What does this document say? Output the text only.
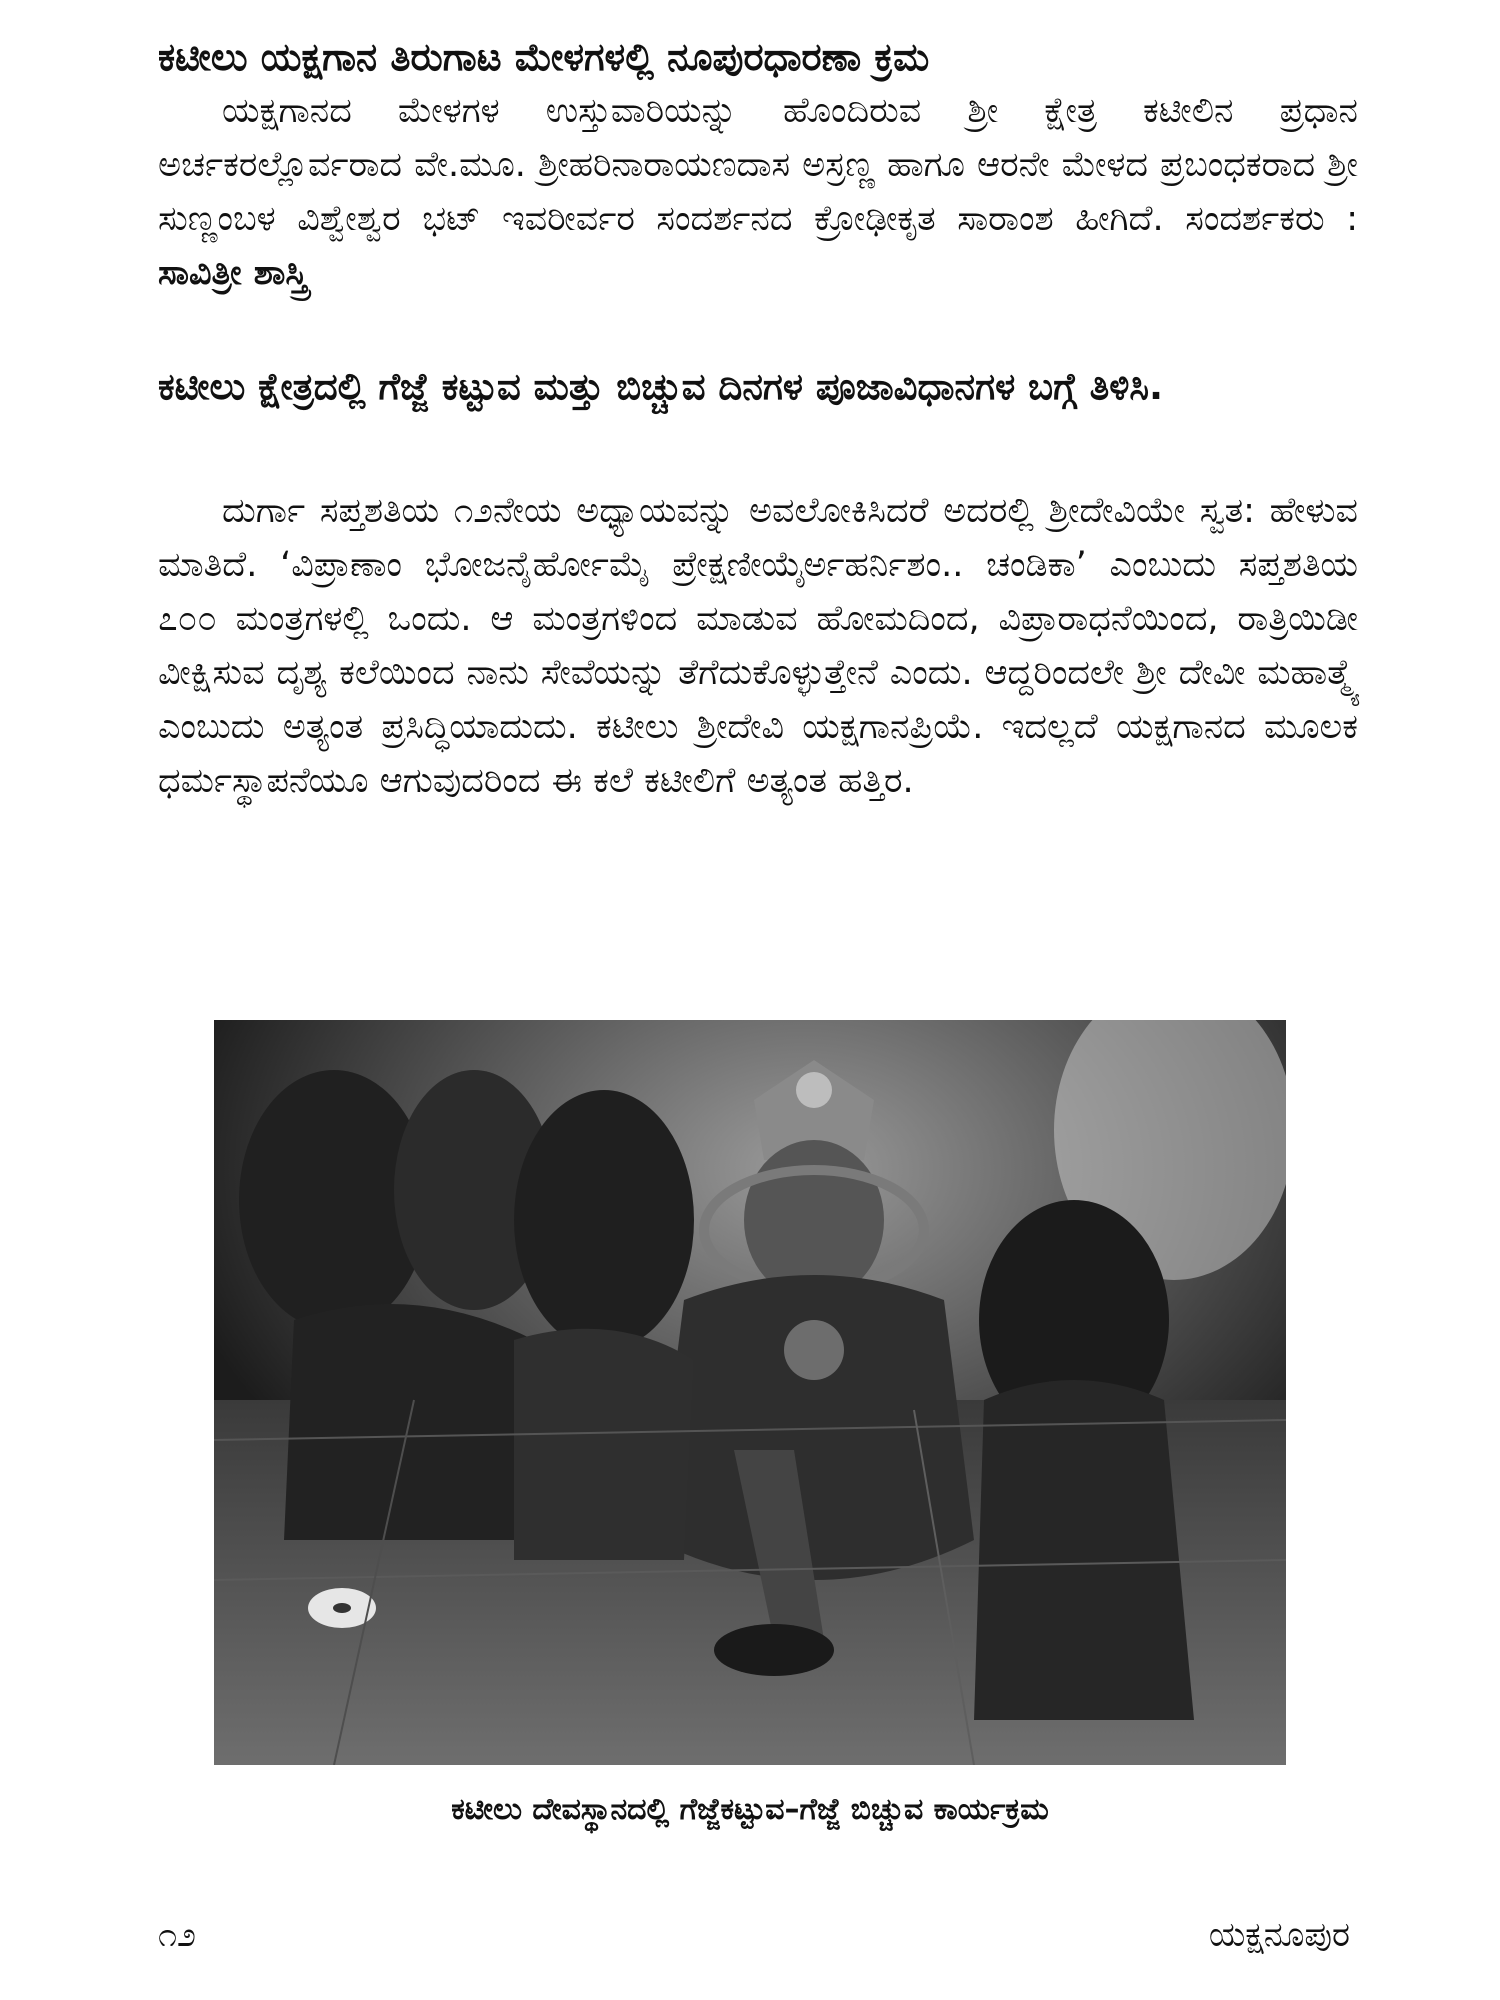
ಕಟೀಲು ಯಕ್ಷಗಾನ ತಿರುಗಾಟ ಮೇಳಗಳಲ್ಲಿ ನೂಪುರಧಾರಣಾ ಕ್ರಮ
ಯಕ್ಷಗಾನದ ಮೇಳಗಳ ಉಸ್ತುವಾರಿಯನ್ನು ಹೊಂದಿರುವ ಶ್ರೀ ಕ್ಷೇತ್ರ ಕಟೀಲಿನ ಪ್ರಧಾನ ಅರ್ಚಕರಲ್ಲೊರ್ವರಾದ ವೇ.ಮೂ. ಶ್ರೀಹರಿನಾರಾಯಣದಾಸ ಅಸ್ರಣ್ಣ ಹಾಗೂ ಆರನೇ ಮೇಳದ ಪ್ರಬಂಧಕರಾದ ಶ್ರೀ ಸುಣ್ಣಂಬಳ ವಿಶ್ವೇಶ್ವರ ಭಟ್ ಇವರೀರ್ವರ ಸಂದರ್ಶನದ ಕ್ರೋಢೀಕೃತ ಸಾರಾಂಶ ಹೀಗಿದೆ. ಸಂದರ್ಶಕರು : ಸಾವಿತ್ರೀ ಶಾಸ್ತ್ರಿ
ಕಟೀಲು ಕ್ಷೇತ್ರದಲ್ಲಿ ಗೆಜ್ಜೆ ಕಟ್ಟುವ ಮತ್ತು ಬಿಚ್ಚುವ ದಿನಗಳ ಪೂಜಾವಿಧಾನಗಳ ಬಗ್ಗೆ ತಿಳಿಸಿ.
ದುರ್ಗಾ ಸಪ್ತಶತಿಯ ೧೨ನೇಯ ಅಧ್ಯಾಯವನ್ನು ಅವಲೋಕಿಸಿದರೆ ಅದರಲ್ಲಿ ಶ್ರೀದೇವಿಯೇ ಸ್ವತ: ಹೇಳುವ ಮಾತಿದೆ. ‘ವಿಪ್ರಾಣಾಂ ಭೋಜನೈರ್ಹೋಮೈ ಪ್ರೇಕ್ಷಣೀಯೈರ್ಅಹರ್ನಿಶಂ.. ಚಂಡಿಕಾ’ ಎಂಬುದು ಸಪ್ತಶತಿಯ ೭೦೦ ಮಂತ್ರಗಳಲ್ಲಿ ಒಂದು. ಆ ಮಂತ್ರಗಳಿಂದ ಮಾಡುವ ಹೋಮದಿಂದ, ವಿಪ್ರಾರಾಧನೆಯಿಂದ, ರಾತ್ರಿಯಿಡೀ ವೀಕ್ಷಿಸುವ ದೃಶ್ಯ ಕಲೆಯಿಂದ ನಾನು ಸೇವೆಯನ್ನು ತೆಗೆದುಕೊಳ್ಳುತ್ತೇನೆ ಎಂದು. ಆದ್ದರಿಂದಲೇ ಶ್ರೀ ದೇವೀ ಮಹಾತ್ಮ್ಯೆ ಎಂಬುದು ಅತ್ಯಂತ ಪ್ರಸಿದ್ಧಿಯಾದುದು. ಕಟೀಲು ಶ್ರೀದೇವಿ ಯಕ್ಷಗಾನಪ್ರಿಯೆ. ಇದಲ್ಲದೆ ಯಕ್ಷಗಾನದ ಮೂಲಕ ಧರ್ಮಸ್ಥಾಪನೆಯೂ ಆಗುವುದರಿಂದ ಈ ಕಲೆ ಕಟೀಲಿಗೆ ಅತ್ಯಂತ ಹತ್ತಿರ.
ಕಟೀಲು ದೇವಸ್ಥಾನದಲ್ಲಿ ಗೆಜ್ಜೆಕಟ್ಟುವ–ಗೆಜ್ಜೆ ಬಿಚ್ಚುವ ಕಾರ್ಯಕ್ರಮ
೧೨	ಯಕ್ಷನೂಪುರ
